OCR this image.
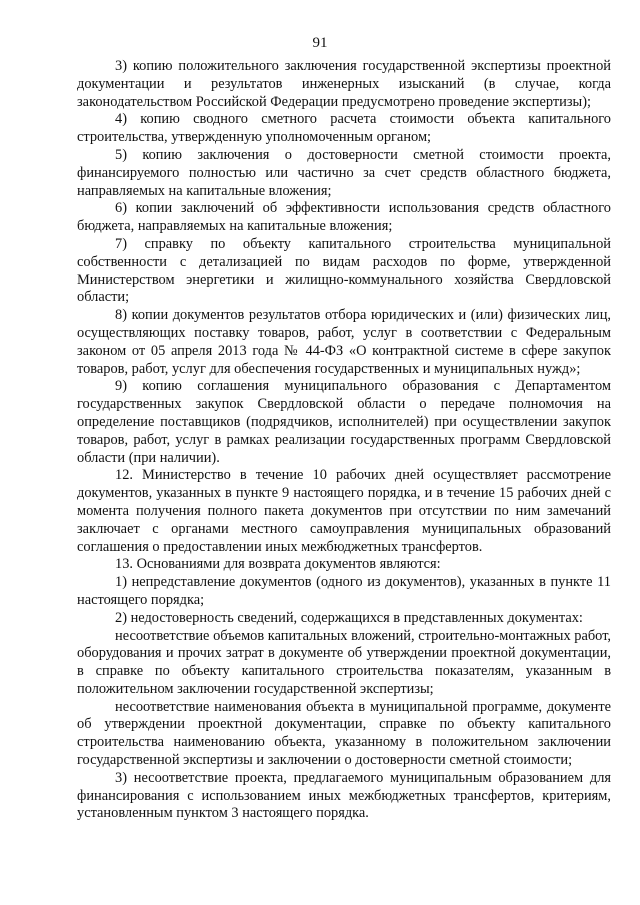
91

3) копию положительного заключения государственной экспертизы проектной документации и результатов инженерных изысканий (в случае, когда законодательством Российской Федерации предусмотрено проведение экспертизы);

4) копию сводного сметного расчета стоимости объекта капитального строительства, утвержденную уполномоченным органом;

5) копию заключения о достоверности сметной стоимости проекта, финансируемого полностью или частично за счет средств областного бюджета, направляемых на капитальные вложения;

6) копии заключений об эффективности использования средств областного бюджета, направляемых на капитальные вложения;

7) справку по объекту капитального строительства муниципальной собственности с детализацией по видам расходов по форме, утвержденной Министерством энергетики и жилищно-коммунального хозяйства Свердловской области;

8) копии документов результатов отбора юридических и (или) физических лиц, осуществляющих поставку товаров, работ, услуг в соответствии с Федеральным законом от 05 апреля 2013 года № 44-ФЗ «О контрактной системе в сфере закупок товаров, работ, услуг для обеспечения государственных и муниципальных нужд»;

9) копию соглашения муниципального образования с Департаментом государственных закупок Свердловской области о передаче полномочия на определение поставщиков (подрядчиков, исполнителей) при осуществлении закупок товаров, работ, услуг в рамках реализации государственных программ Свердловской области (при наличии).

12. Министерство в течение 10 рабочих дней осуществляет рассмотрение документов, указанных в пункте 9 настоящего порядка, и в течение 15 рабочих дней с момента получения полного пакета документов при отсутствии по ним замечаний заключает с органами местного самоуправления муниципальных образований соглашения о предоставлении иных межбюджетных трансфертов.

13. Основаниями для возврата документов являются:

1) непредставление документов (одного из документов), указанных в пункте 11 настоящего порядка;

2) недостоверность сведений, содержащихся в представленных документах:

несоответствие объемов капитальных вложений, строительно-монтажных работ, оборудования и прочих затрат в документе об утверждении проектной документации, в справке по объекту капитального строительства показателям, указанным в положительном заключении государственной экспертизы;

несоответствие наименования объекта в муниципальной программе, документе об утверждении проектной документации, справке по объекту капитального строительства наименованию объекта, указанному в положительном заключении государственной экспертизы и заключении о достоверности сметной стоимости;

3) несоответствие проекта, предлагаемого муниципальным образованием для финансирования с использованием иных межбюджетных трансфертов, критериям, установленным пунктом 3 настоящего порядка.
